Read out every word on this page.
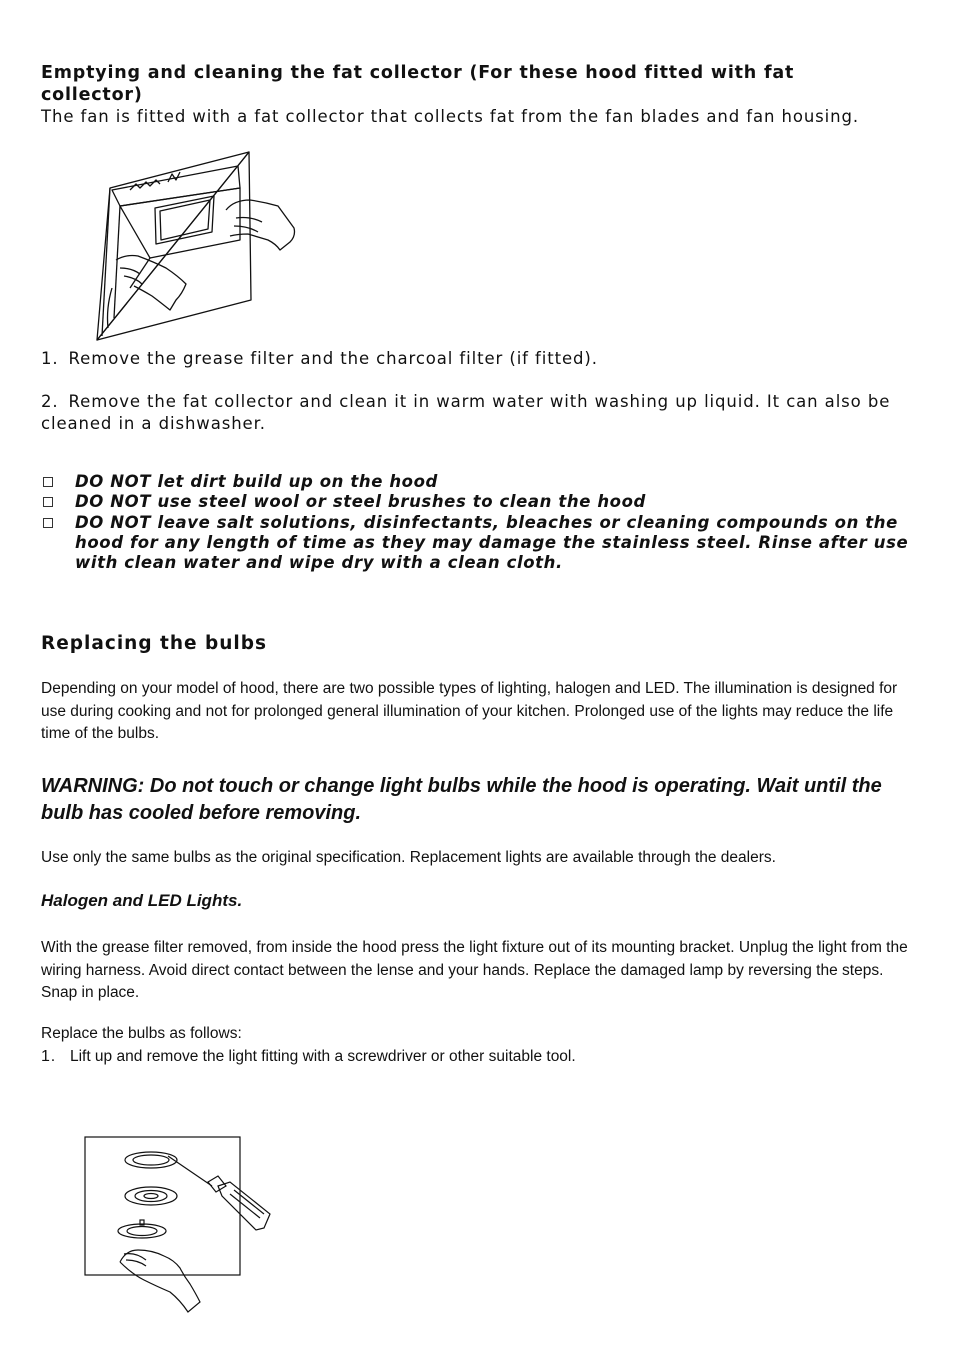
Emptying and cleaning the fat collector (For these hood fitted with fat collector)
The fan is fitted with a fat collector that collects fat from the fan blades and fan housing.
1. Remove the grease filter and the charcoal filter (if fitted).
2. Remove the fat collector and clean it in warm water with washing up liquid. It can also be cleaned in a dishwasher.
DO NOT let dirt build up on the hood
DO NOT use steel wool or steel brushes to clean the hood
DO NOT leave salt solutions, disinfectants, bleaches or cleaning compounds on the hood for any length of time as they may damage the stainless steel. Rinse after use with clean water and wipe dry with a clean cloth.
Replacing the bulbs
Depending on your model of hood, there are two possible types of lighting, halogen and LED. The illumination is designed for use during cooking and not for prolonged general illumination of your kitchen. Prolonged use of the lights may reduce the life time of the bulbs.
WARNING: Do not touch or change light bulbs while the hood is operating. Wait until the bulb has cooled before removing.
Use only the same bulbs as the original specification. Replacement lights are available through the dealers.
Halogen and LED Lights.
With the grease filter removed, from inside the hood press the light fixture out of its mounting bracket. Unplug the light from the wiring harness. Avoid direct contact between the lense and your hands. Replace the damaged lamp by reversing the steps. Snap in place.
Replace the bulbs as follows:
1. Lift up and remove the light fitting with a screwdriver or other suitable tool.
